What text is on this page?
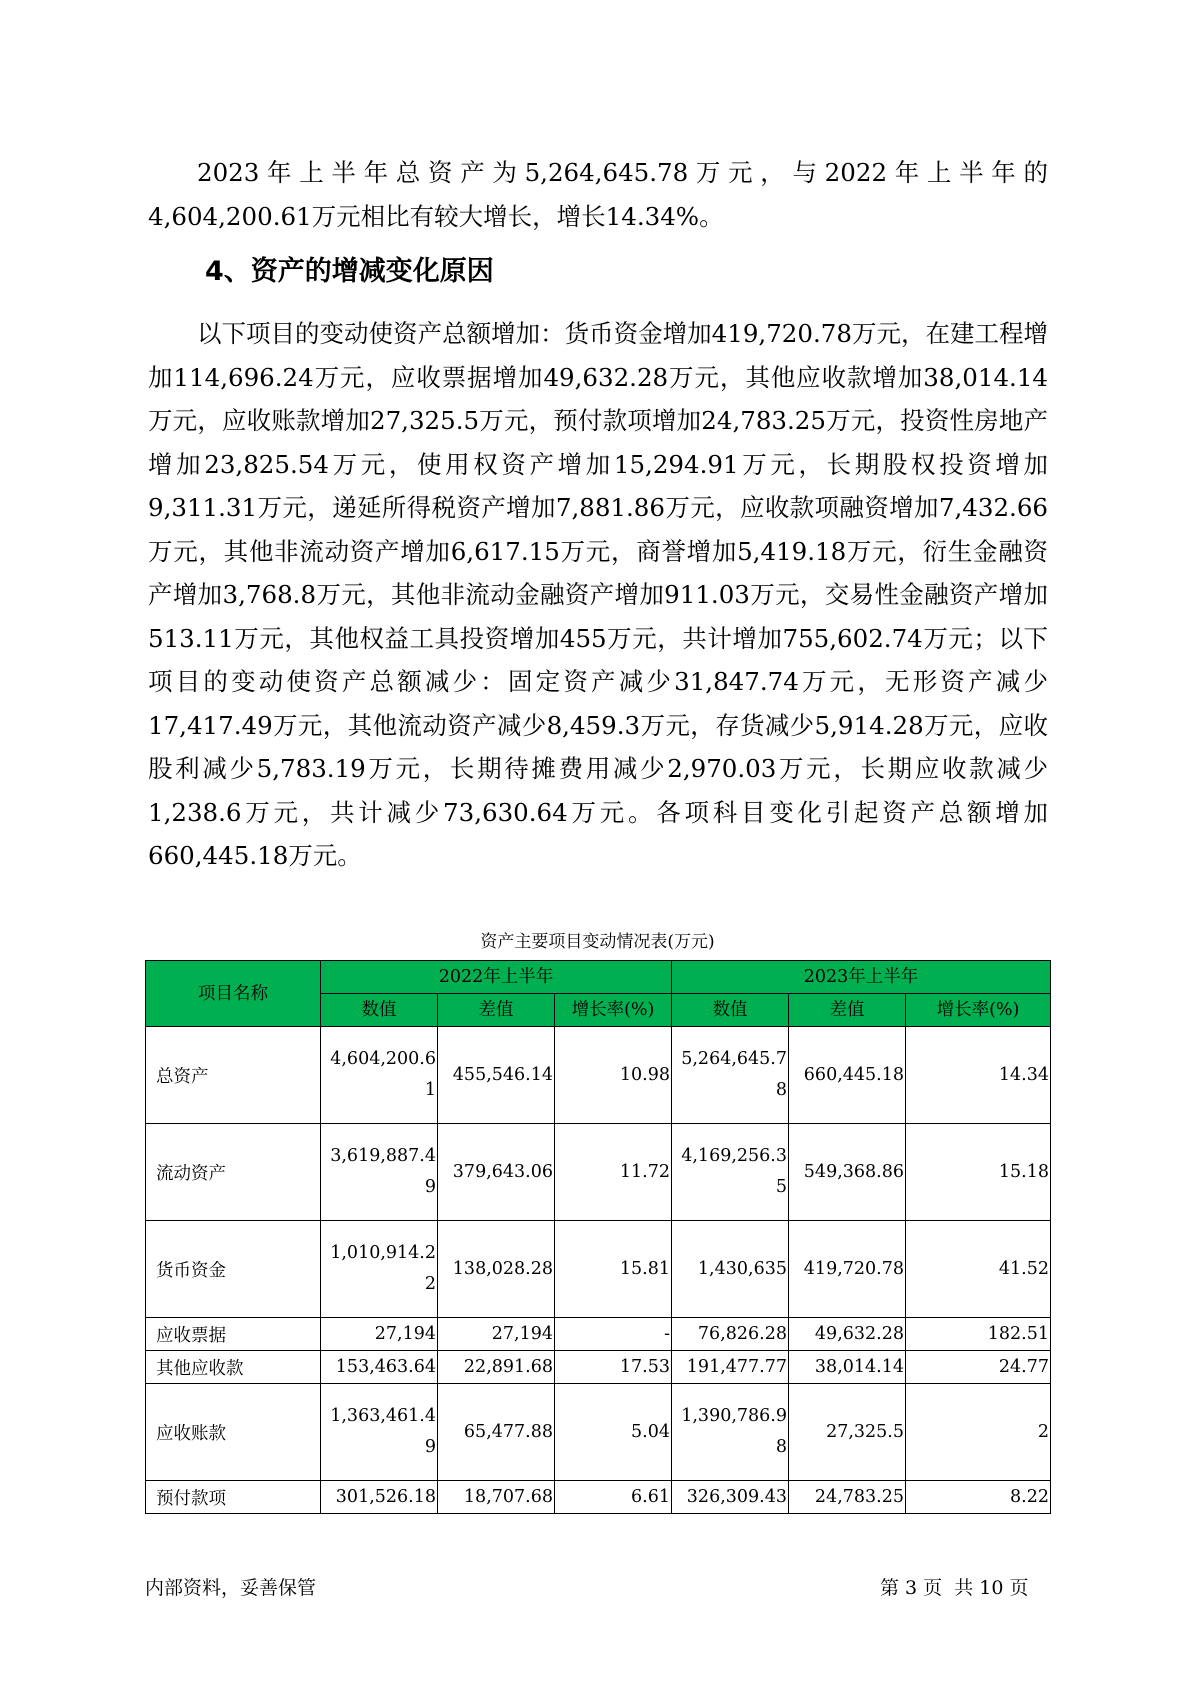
2023年上半年总资产为5,264,645.78万元，与2022年上半年的4,604,200.61万元相比有较大增长，增长14.34%。

4、资产的增减变化原因

以下项目的变动使资产总额增加：货币资金增加419,720.78万元，在建工程增加114,696.24万元，应收票据增加49,632.28万元，其他应收款增加38,014.14万元，应收账款增加27,325.5万元，预付款项增加24,783.25万元，投资性房地产增加23,825.54万元，使用权资产增加15,294.91万元，长期股权投资增加9,311.31万元，递延所得税资产增加7,881.86万元，应收款项融资增加7,432.66万元，其他非流动资产增加6,617.15万元，商誉增加5,419.18万元，衍生金融资产增加3,768.8万元，其他非流动金融资产增加911.03万元，交易性金融资产增加513.11万元，其他权益工具投资增加455万元，共计增加755,602.74万元；以下项目的变动使资产总额减少：固定资产减少31,847.74万元，无形资产减少17,417.49万元，其他流动资产减少8,459.3万元，存货减少5,914.28万元，应收股利减少5,783.19万元，长期待摊费用减少2,970.03万元，长期应收款减少1,238.6万元，共计减少73,630.64万元。各项科目变化引起资产总额增加660,445.18万元。

资产主要项目变动情况表(万元)

项目名称	2022年上半年			2023年上半年		
	数值	差值	增长率(%)	数值	差值	增长率(%)
总资产	4,604,200.61	455,546.14	10.98	5,264,645.78	660,445.18	14.34
流动资产	3,619,887.49	379,643.06	11.72	4,169,256.35	549,368.86	15.18
货币资金	1,010,914.22	138,028.28	15.81	1,430,635	419,720.78	41.52
应收票据	27,194	27,194	-	76,826.28	49,632.28	182.51
其他应收款	153,463.64	22,891.68	17.53	191,477.77	38,014.14	24.77
应收账款	1,363,461.49	65,477.88	5.04	1,390,786.98	27,325.5	2
预付款项	301,526.18	18,707.68	6.61	326,309.43	24,783.25	8.22

内部资料，妥善保管	第 3 页  共 10 页
